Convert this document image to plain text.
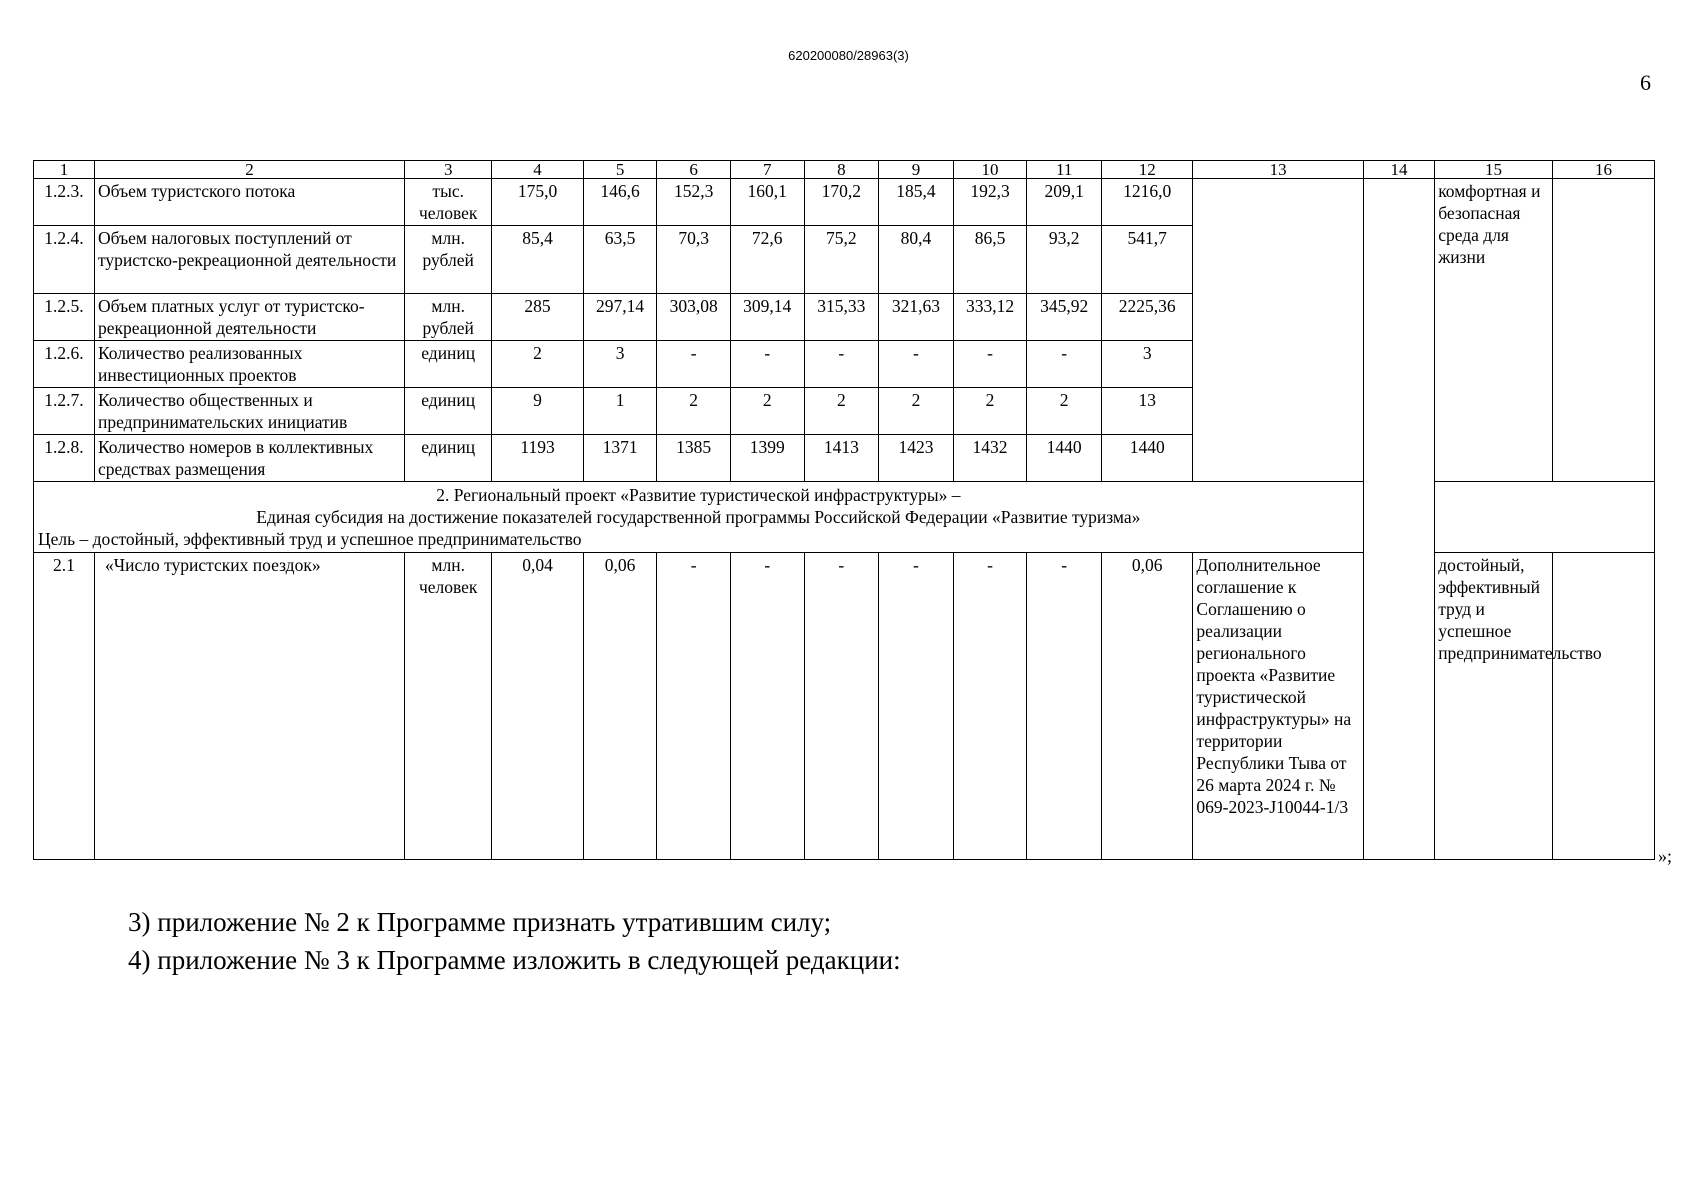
620200080/28963(3)
6
1	2	3	4	5	6	7	8	9	10	11	12	13	14	15	16
1.2.3.	Объем туристского потока	тыс. человек	175,0	146,6	152,3	160,1	170,2	185,4	192,3	209,1	1216,0			комфортная и безопасная среда для жизни	
1.2.4.	Объем налоговых поступлений от туристско-рекреационной деятельности	млн. рублей	85,4	63,5	70,3	72,6	75,2	80,4	86,5	93,2	541,7				
1.2.5.	Объем платных услуг от туристско-рекреационной деятельности	млн. рублей	285	297,14	303,08	309,14	315,33	321,63	333,12	345,92	2225,36				
1.2.6.	Количество реализованных инвестиционных проектов	единиц	2	3	-	-	-	-	-	-	3				
1.2.7.	Количество общественных и предпринимательских инициатив	единиц	9	1	2	2	2	2	2	2	13				
1.2.8.	Количество номеров в коллективных средствах размещения	единиц	1193	1371	1385	1399	1413	1423	1432	1440	1440				

2. Региональный проект «Развитие туристической инфраструктуры» –
Единая субсидия на достижение показателей государственной программы Российской Федерации «Развитие туризма»
Цель – достойный, эффективный труд и успешное предпринимательство															

2.1	«Число туристских поездок»	млн. человек	0,04	0,06	-	-	-	-	-	-	0,06	Дополнительное соглашение к Соглашению о реализации регионального проекта «Развитие туристической инфраструктуры» на территории Республики Тыва от 26 марта 2024 г. № 069-2023-J10044-1/3		достойный, эффективный труд и успешное предпринимательство	
»;
3) приложение № 2 к Программе признать утратившим силу;
4) приложение № 3 к Программе изложить в следующей редакции:
